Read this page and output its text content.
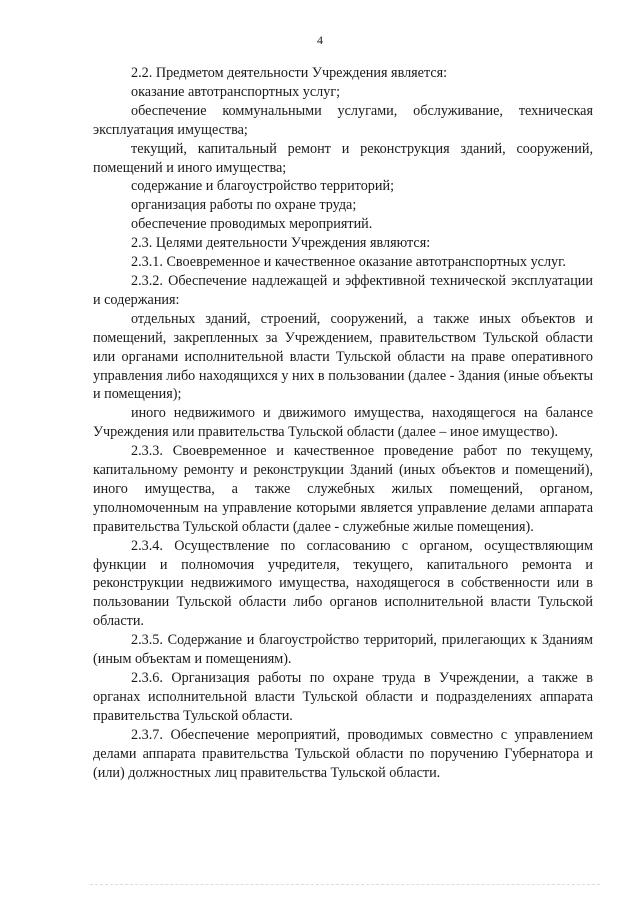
4

2.2. Предметом деятельности Учреждения является:

оказание автотранспортных услуг;

обеспечение коммунальными услугами, обслуживание, техническая эксплуатация имущества;

текущий, капитальный ремонт и реконструкция зданий, сооружений, помещений и иного имущества;

содержание и благоустройство территорий;

организация работы по охране труда;

обеспечение проводимых мероприятий.

2.3. Целями деятельности Учреждения являются:

2.3.1. Своевременное и качественное оказание автотранспортных услуг.

2.3.2. Обеспечение надлежащей и эффективной технической эксплуатации и содержания:

отдельных зданий, строений, сооружений, а также иных объектов и помещений, закрепленных за Учреждением, правительством Тульской области или органами исполнительной власти Тульской области на праве оперативного управления либо находящихся у них в пользовании (далее - Здания (иные объекты и помещения);

иного недвижимого и движимого имущества, находящегося на балансе Учреждения или правительства Тульской области (далее – иное имущество).

2.3.3. Своевременное и качественное проведение работ по текущему, капитальному ремонту и реконструкции Зданий (иных объектов и помещений), иного имущества, а также служебных жилых помещений, органом, уполномоченным на управление которыми является управление делами аппарата правительства Тульской области (далее - служебные жилые помещения).

2.3.4. Осуществление по согласованию с органом, осуществляющим функции и полномочия учредителя, текущего, капитального ремонта и реконструкции недвижимого имущества, находящегося в собственности или в пользовании Тульской области либо органов исполнительной власти Тульской области.

2.3.5. Содержание и благоустройство территорий, прилегающих к Зданиям (иным объектам и помещениям).

2.3.6. Организация работы по охране труда в Учреждении, а также в органах исполнительной власти Тульской области и подразделениях аппарата правительства Тульской области.

2.3.7. Обеспечение мероприятий, проводимых совместно с управлением делами аппарата правительства Тульской области по поручению Губернатора и (или) должностных лиц правительства Тульской области.
